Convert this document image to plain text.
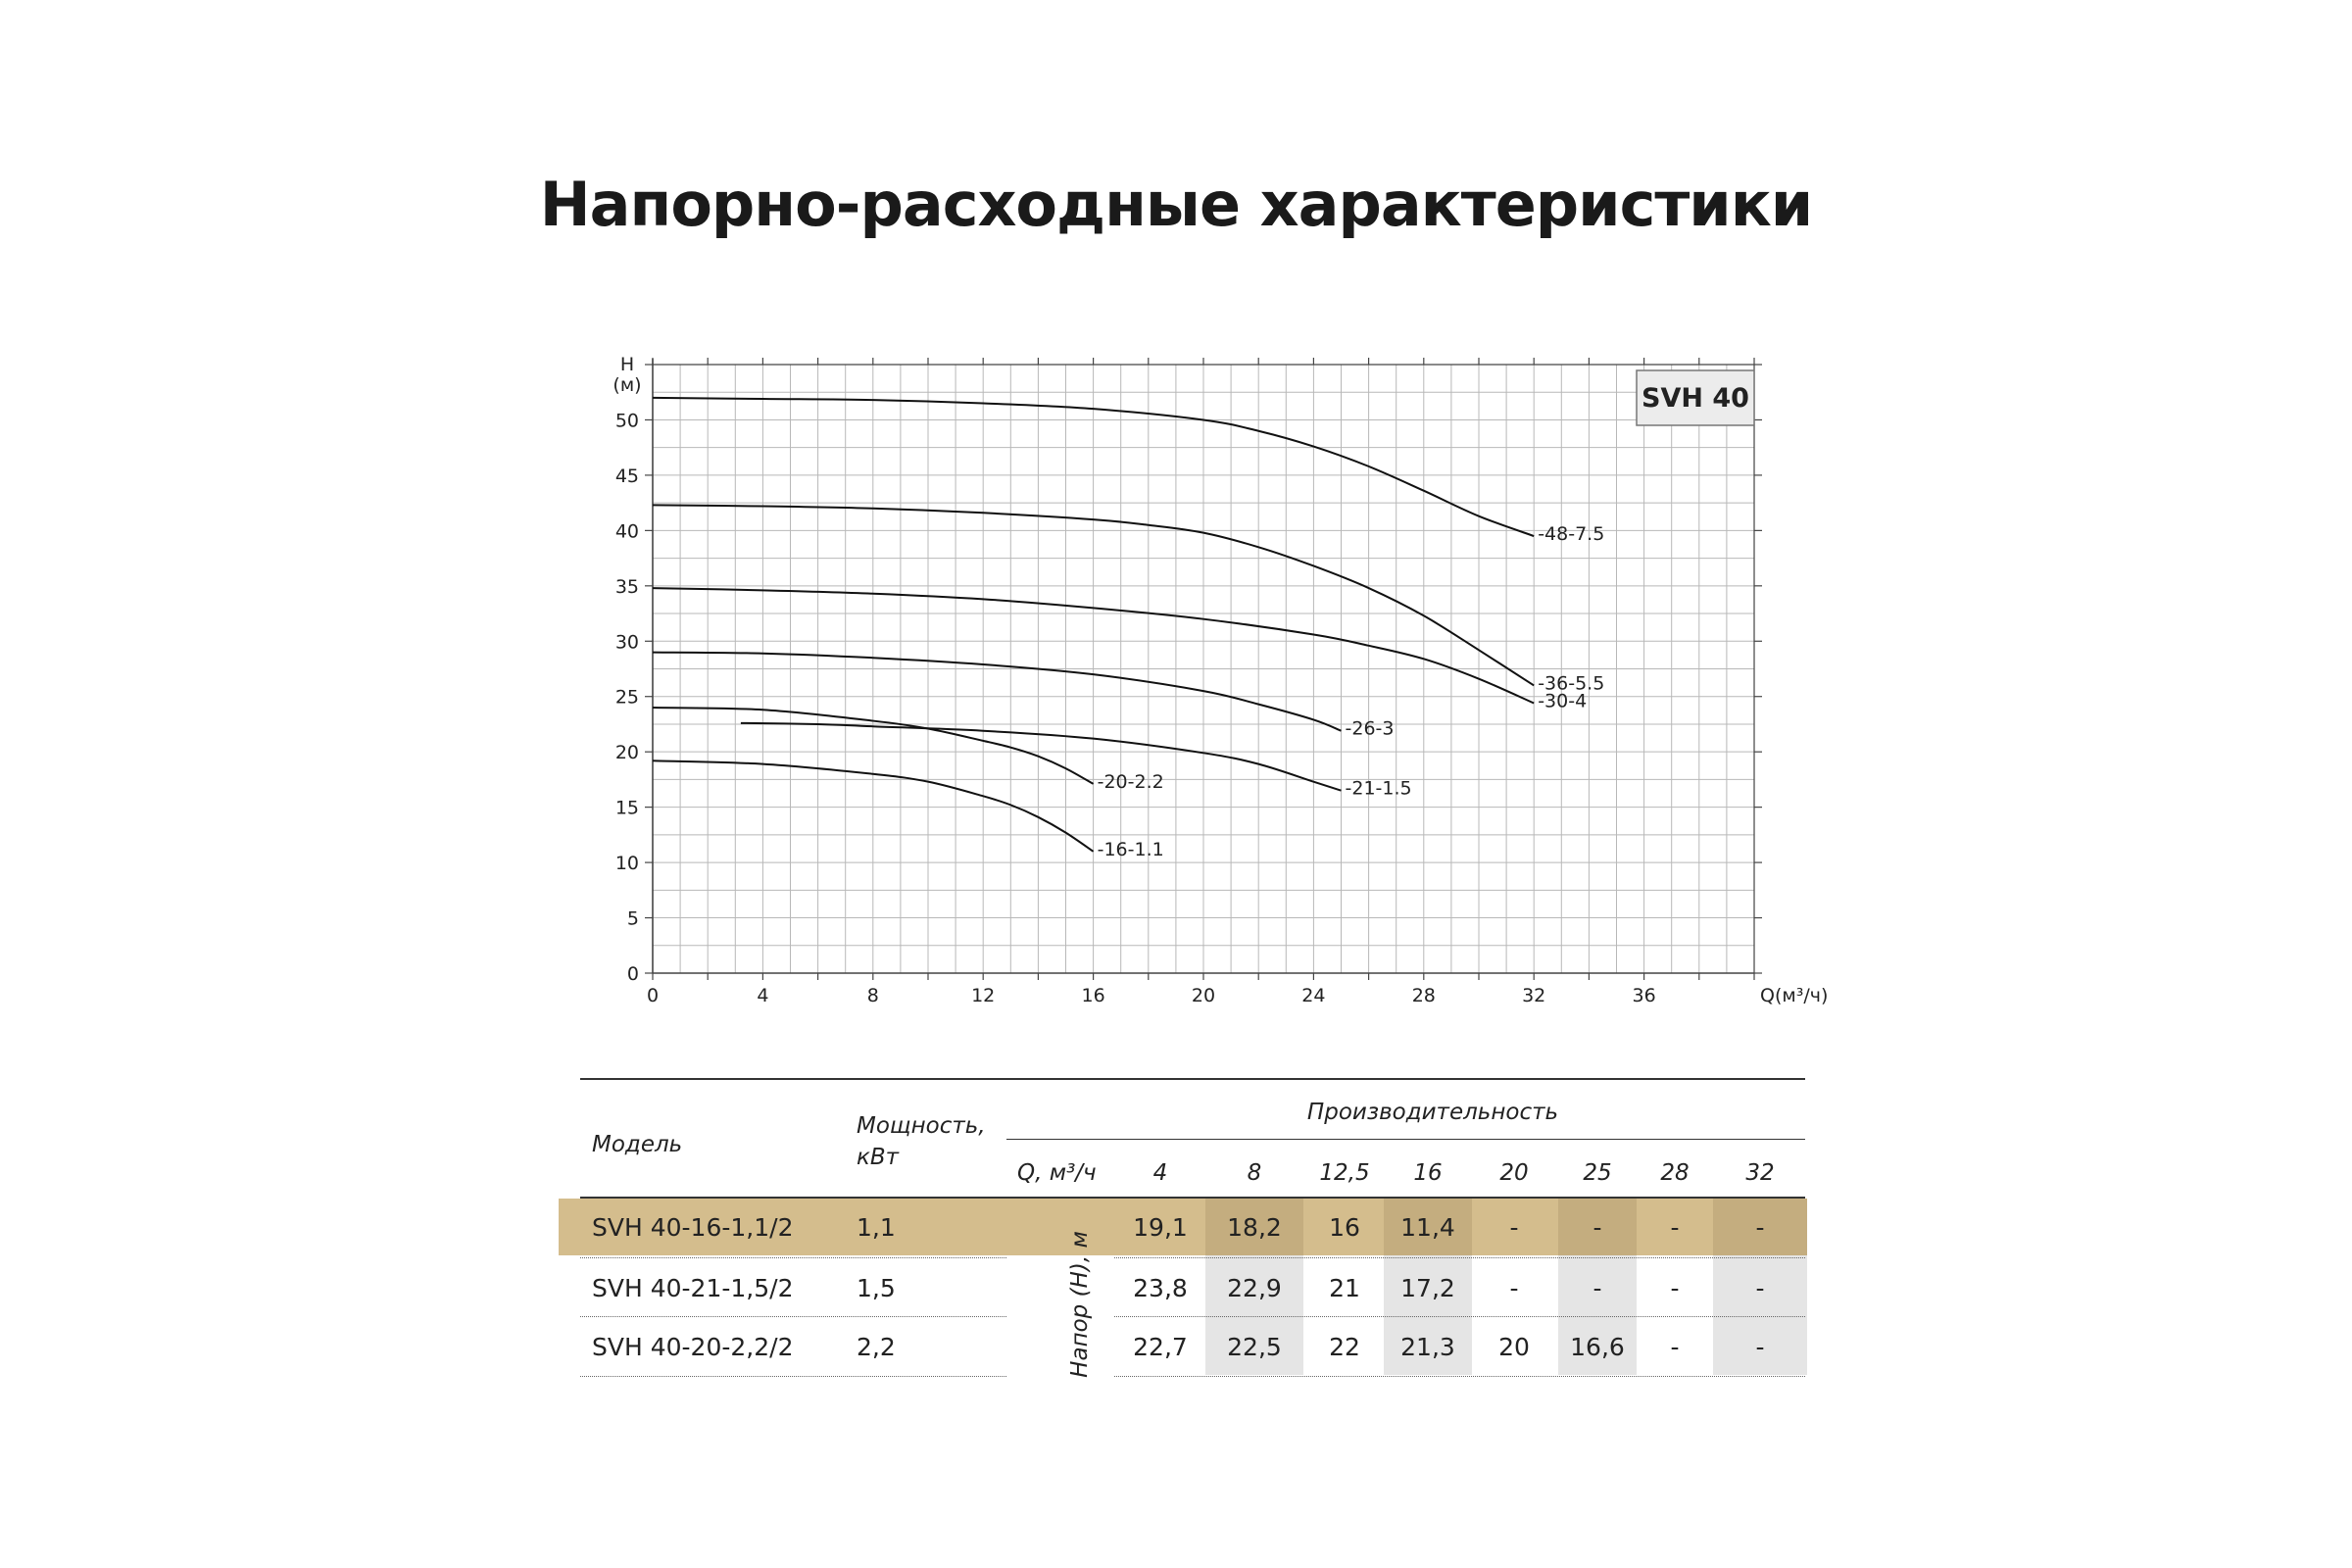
Напорно-расходные характеристики
0	4	8	12	16	20	24	28	32	36
0
5
10
15
20
25
30
35
40
45
50
H
(м)
Q(м³/ч)
-48-7.5
-36-5.5
-30-4
-26-3
-21-1.5
-20-2.2
-16-1.1
SVH 40
Модель
Мощность,
кВт
Производительность
Q, м³/ч	4	8	12,5	16	20	25	28	32
Напор (H), м
SVH 40-16-1,1/2	1,1	19,1	18,2	16	11,4	-	-	-	-
SVH 40-21-1,5/2	1,5	23,8	22,9	21	17,2	-	-	-	-
SVH 40-20-2,2/2	2,2	22,7	22,5	22	21,3	20	16,6	-	-
